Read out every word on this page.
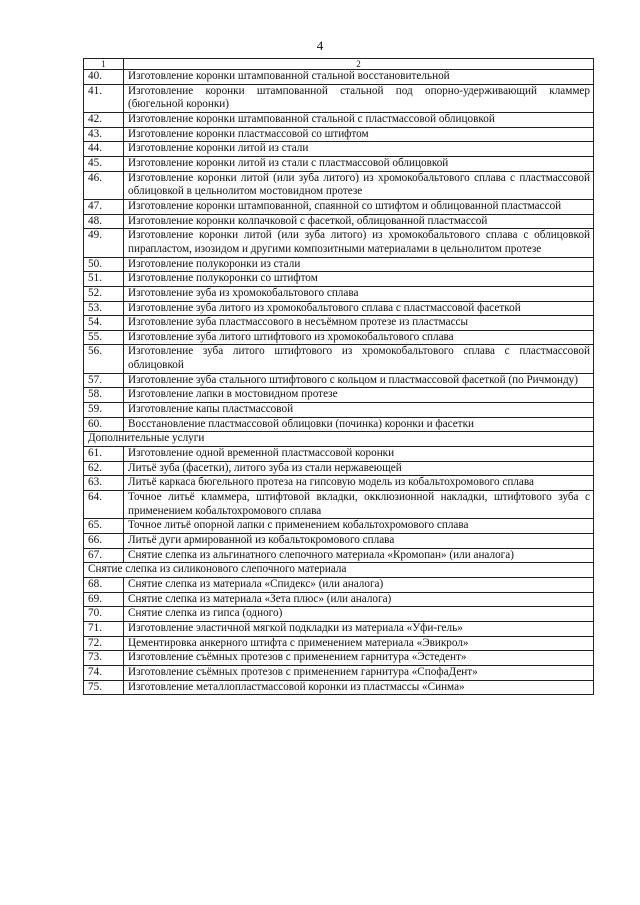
4
1	2
40.	Изготовление коронки штампованной стальной восстановительной
41.	Изготовление коронки штампованной стальной под опорно-удерживающий кламмер (бюгельной коронки)
42.	Изготовление коронки штампованной стальной с пластмассовой облицовкой
43.	Изготовление коронки пластмассовой со штифтом
44.	Изготовление коронки литой из стали
45.	Изготовление коронки литой из стали с пластмассовой облицовкой
46.	Изготовление коронки литой (или зуба литого) из хромокобальтового сплава с пластмассовой облицовкой в цельнолитом мостовидном протезе
47.	Изготовление коронки штампованной, спаянной со штифтом и облицованной пластмассой
48.	Изготовление коронки колпачковой с фасеткой, облицованной пластмассой
49.	Изготовление коронки литой (или зуба литого) из хромокобальтового сплава с облицовкой пирапластом, изозидом и другими композитными материалами в цельнолитом протезе
50.	Изготовление полукоронки из стали
51.	Изготовление полукоронки со штифтом
52.	Изготовление зуба из хромокобальтового сплава
53.	Изготовление зуба литого из хромокобальтового сплава с пластмассовой фасеткой
54.	Изготовление зуба пластмассового в несъёмном протезе из пластмассы
55.	Изготовление зуба литого штифтового из хромокобальтового сплава
56.	Изготовление зуба литого штифтового из хромокобальтового сплава с пластмассовой облицовкой
57.	Изготовление зуба стального штифтового с кольцом и пластмассовой фасеткой (по Ричмонду)
58.	Изготовление лапки в мостовидном протезе
59.	Изготовление капы пластмассовой
60.	Восстановление пластмассовой облицовки (починка) коронки и фасетки
Дополнительные услуги	
61.	Изготовление одной временной пластмассовой коронки
62.	Литьё зуба (фасетки), литого зуба из стали нержавеющей
63.	Литьё каркаса бюгельного протеза на гипсовую модель из кобальтохромового сплава
64.	Точное литьё кламмера, штифтовой вкладки, окклюзионной накладки, штифтового зуба с применением кобальтохромового сплава
65.	Точное литьё опорной лапки с применением кобальтохромового сплава
66.	Литьё дуги армированной из кобальтокромового сплава
67.	Снятие слепка из альгинатного слепочного материала «Кромопан» (или аналога)
Снятие слепка из силиконового слепочного материала	
68.	Снятие слепка из материала «Спидекс» (или аналога)
69.	Снятие слепка из материала «Зета плюс» (или аналога)
70.	Снятие слепка из гипса (одного)
71.	Изготовление эластичной мягкой подкладки из материала «Уфи-гель»
72.	Цементировка анкерного штифта с применением материала «Эвикрол»
73.	Изготовление съёмных протезов с применением гарнитура «Эстедент»
74.	Изготовление съёмных протезов с применением гарнитура «СпофаДент»
75.	Изготовление металлопластмассовой коронки из пластмассы «Синма»
